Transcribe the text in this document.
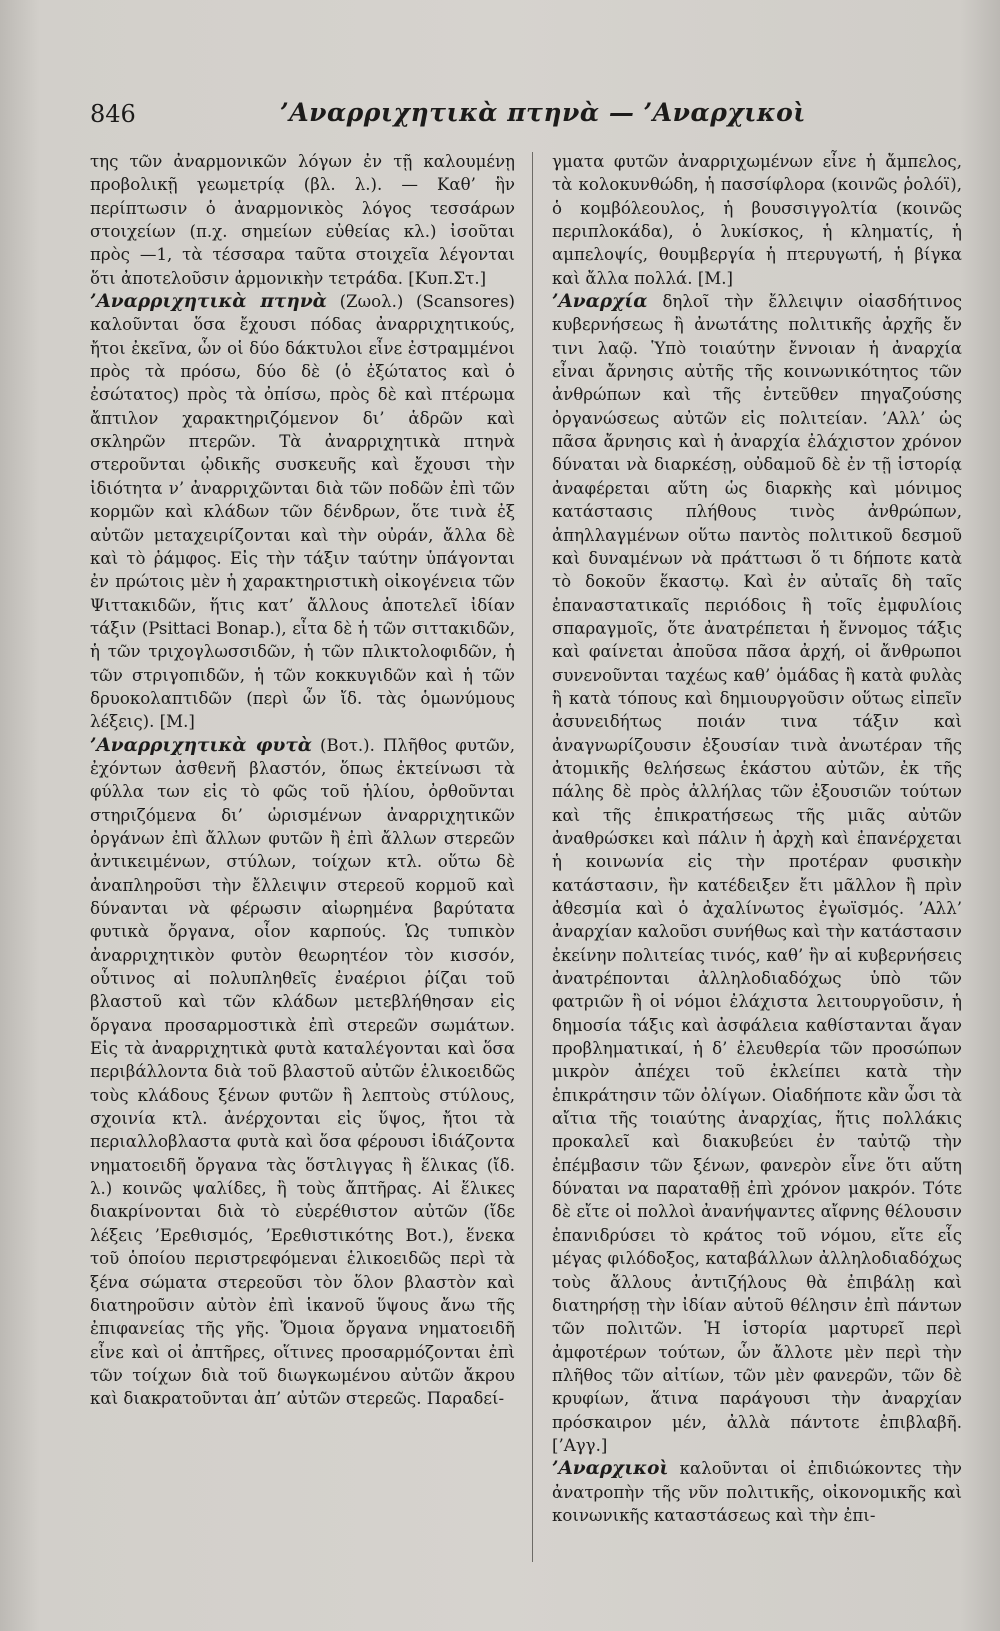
846	’Αναρριχητικὰ πτηνὰ — ’Αναρχικοὶ

της τῶν ἀναρμονικῶν λόγων ἐν τῇ καλουμένῃ προβολικῇ γεωμετρίᾳ (βλ. λ.). — Καθ’ ἣν περίπτωσιν ὁ ἀναρμονικὸς λόγος τεσσάρων στοιχείων (π.χ. σημείων εὐθείας κλ.) ἰσοῦται πρὸς —1, τὰ τέσσαρα ταῦτα στοιχεῖα λέγονται ὅτι ἀποτελοῦσιν ἁρμονικὴν τετράδα. [Κυπ.Στ.]

’Αναρριχητικὰ πτηνὰ (Ζωολ.) (Scansores) καλοῦνται ὅσα ἔχουσι πόδας ἀναρριχητικούς, ἤτοι ἐκεῖνα, ὧν οἱ δύο δάκτυλοι εἶνε ἐστραμμένοι πρὸς τὰ πρόσω, δύο δὲ (ὁ ἐξώτατος καὶ ὁ ἐσώτατος) πρὸς τὰ ὀπίσω, πρὸς δὲ καὶ πτέρωμα ἄπτιλον χαρακτηριζόμενον δι’ ἁδρῶν καὶ σκληρῶν πτερῶν. Τὰ ἀναρριχητικὰ πτηνὰ στεροῦνται ᾠδικῆς συσκευῆς καὶ ἔχουσι τὴν ἰδιότητα ν’ ἀναρριχῶνται διὰ τῶν ποδῶν ἐπὶ τῶν κορμῶν καὶ κλάδων τῶν δένδρων, ὅτε τινὰ ἐξ αὐτῶν μεταχειρίζονται καὶ τὴν οὐράν, ἄλλα δὲ καὶ τὸ ῥάμφος. Εἰς τὴν τάξιν ταύτην ὑπάγονται ἐν πρώτοις μὲν ἡ χαρακτηριστικὴ οἰκογένεια τῶν Ψιττακιδῶν, ἥτις κατ’ ἄλλους ἀποτελεῖ ἰδίαν τάξιν (Psittaci Bonap.), εἶτα δὲ ἡ τῶν σιττακιδῶν, ἡ τῶν τριχογλωσσιδῶν, ἡ τῶν πλικτολοφιδῶν, ἡ τῶν στριγοπιδῶν, ἡ τῶν κοκκυγιδῶν καὶ ἡ τῶν δρυοκολαπτιδῶν (περὶ ὧν ἴδ. τὰς ὁμωνύμους λέξεις). [Μ.]

’Αναρριχητικὰ φυτὰ (Βοτ.). Πλῆθος φυτῶν, ἐχόντων ἀσθενῆ βλαστόν, ὅπως ἐκτείνωσι τὰ φύλλα των εἰς τὸ φῶς τοῦ ἡλίου, ὀρθοῦνται στηριζόμενα δι’ ὡρισμένων ἀναρριχητικῶν ὀργάνων ἐπὶ ἄλλων φυτῶν ἢ ἐπὶ ἄλλων στερεῶν ἀντικειμένων, στύλων, τοίχων κτλ. οὕτω δὲ ἀναπληροῦσι τὴν ἔλλειψιν στερεοῦ κορμοῦ καὶ δύνανται νὰ φέρωσιν αἰωρημένα βαρύτατα φυτικὰ ὄργανα, οἷον καρπούς. Ὡς τυπικὸν ἀναρριχητικὸν φυτὸν θεωρητέον τὸν κισσόν, οὗτινος αἱ πολυπληθεῖς ἐναέριοι ῥίζαι τοῦ βλαστοῦ καὶ τῶν κλάδων μετεβλήθησαν εἰς ὄργανα προσαρμοστικὰ ἐπὶ στερεῶν σωμάτων. Εἰς τὰ ἀναρριχητικὰ φυτὰ καταλέγονται καὶ ὅσα περιβάλλοντα διὰ τοῦ βλαστοῦ αὐτῶν ἑλικοειδῶς τοὺς κλάδους ξένων φυτῶν ἢ λεπτοὺς στύλους, σχοινία κτλ. ἀνέρχονται εἰς ὕψος, ἤτοι τὰ περιαλλοβλαστα φυτὰ καὶ ὅσα φέρουσι ἰδιάζοντα νηματοειδῆ ὄργανα τὰς ὅστλιγγας ἢ ἕλικας (ἴδ. λ.) κοινῶς ψαλίδες, ἢ τοὺς ἄπτῆρας. Αἱ ἕλικες διακρίνονται διὰ τὸ εὐερέθιστον αὐτῶν (ἴδε λέξεις ’Ερεθισμός, ’Ερεθιστικότης Βοτ.), ἕνεκα τοῦ ὁποίου περιστρεφόμεναι ἑλικοειδῶς περὶ τὰ ξένα σώματα στερεοῦσι τὸν ὅλον βλαστὸν καὶ διατηροῦσιν αὐτὸν ἐπὶ ἱκανοῦ ὕψους ἄνω τῆς ἐπιφανείας τῆς γῆς. Ὅμοια ὄργανα νηματοειδῆ εἶνε καὶ οἱ ἀπτῆρες, οἵτινες προσαρμόζονται ἐπὶ τῶν τοίχων διὰ τοῦ διωγκωμένου αὐτῶν ἄκρου καὶ διακρατοῦνται ἀπ’ αὐτῶν στερεῶς. Παραδεί-

γματα φυτῶν ἀναρριχωμένων εἶνε ἡ ἄμπελος, τὰ κολοκυνθώδη, ἡ πασσίφλορα (κοινῶς ῥολόϊ), ὁ κομβόλεουλος, ἡ βουσσιγγολτία (κοινῶς περιπλοκάδα), ὁ λυκίσκος, ἡ κληματίς, ἡ αμπελοψίς, θουμβεργία ἡ πτερυγωτή, ἡ βίγκα καὶ ἄλλα πολλά. [Μ.]

’Αναρχία δηλοῖ τὴν ἔλλειψιν οἱασδήτινος κυβερνήσεως ἢ ἀνωτάτης πολιτικῆς ἀρχῆς ἔν τινι λαῷ. Ὑπὸ τοιαύτην ἔννοιαν ἡ ἀναρχία εἶναι ἄρνησις αὐτῆς τῆς κοινωνικότητος τῶν ἀνθρώπων καὶ τῆς ἐντεῦθεν πηγαζούσης ὀργανώσεως αὐτῶν εἰς πολιτείαν. ’Αλλ’ ὡς πᾶσα ἄρνησις καὶ ἡ ἀναρχία ἐλάχιστον χρόνον δύναται νὰ διαρκέσῃ, οὐδαμοῦ δὲ ἐν τῇ ἱστορίᾳ ἀναφέρεται αὕτη ὡς διαρκὴς καὶ μόνιμος κατάστασις πλήθους τινὸς ἀνθρώπων, ἀπηλλαγμένων οὕτω παντὸς πολιτικοῦ δεσμοῦ καὶ δυναμένων νὰ πράττωσι ὅ τι δήποτε κατὰ τὸ δοκοῦν ἕκαστῳ. Καὶ ἐν αὐταῖς δὴ ταῖς ἐπαναστατικαῖς περιόδοις ἢ τοῖς ἐμφυλίοις σπαραγμοῖς, ὅτε ἀνατρέπεται ἡ ἔννομος τάξις καὶ φαίνεται ἀποῦσα πᾶσα ἀρχή, οἱ ἄνθρωποι συνενοῦνται ταχέως καθ’ ὁμάδας ἢ κατὰ φυλὰς ἢ κατὰ τόπους καὶ δημιουργοῦσιν οὕτως εἰπεῖν ἀσυνειδήτως ποιάν τινα τάξιν καὶ ἀναγνωρίζουσιν ἐξουσίαν τινὰ ἀνωτέραν τῆς ἀτομικῆς θελήσεως ἑκάστου αὐτῶν, ἐκ τῆς πάλης δὲ πρὸς ἀλλήλας τῶν ἐξουσιῶν τούτων καὶ τῆς ἐπικρατήσεως τῆς μιᾶς αὐτῶν ἀναθρώσκει καὶ πάλιν ἡ ἀρχὴ καὶ ἐπανέρχεται ἡ κοινωνία εἰς τὴν προτέραν φυσικὴν κατάστασιν, ἣν κατέδειξεν ἔτι μᾶλλον ἢ πρὶν ἀθεσμία καὶ ὁ ἀχαλίνωτος ἐγωϊσμός. ’Αλλ’ ἀναρχίαν καλοῦσι συνήθως καὶ τὴν κατάστασιν ἐκείνην πολιτείας τινός, καθ’ ἣν αἱ κυβερνήσεις ἀνατρέπονται ἀλληλοδιαδόχως ὑπὸ τῶν φατριῶν ἢ οἱ νόμοι ἐλάχιστα λειτουργοῦσιν, ἡ δημοσία τάξις καὶ ἀσφάλεια καθίστανται ἄγαν προβληματικαί, ἡ δ’ ἐλευθερία τῶν προσώπων μικρὸν ἀπέχει τοῦ ἐκλείπει κατὰ τὴν ἐπικράτησιν τῶν ὀλίγων. Οἱαδήποτε κἂν ὦσι τὰ αἴτια τῆς τοιαύτης ἀναρχίας, ἥτις πολλάκις προκαλεῖ καὶ διακυβεύει ἐν ταὐτῷ τὴν ἐπέμβασιν τῶν ξένων, φανερὸν εἶνε ὅτι αὕτη δύναται να παραταθῇ ἐπὶ χρόνον μακρόν. Τότε δὲ εἴτε οἱ πολλοὶ ἀνανήψαντες αἴφνης θέλουσιν ἐπανιδρύσει τὸ κράτος τοῦ νόμου, εἴτε εἷς μέγας φιλόδοξος, καταβάλλων ἀλληλοδιαδόχως τοὺς ἄλλους ἀντιζήλους θὰ ἐπιβάλῃ καὶ διατηρήσῃ τὴν ἰδίαν αὑτοῦ θέλησιν ἐπὶ πάντων τῶν πολιτῶν. Ἡ ἱστορία μαρτυρεῖ περὶ ἀμφοτέρων τούτων, ὧν ἄλλοτε μὲν περὶ τὴν πλῆθος τῶν αἰτίων, τῶν μὲν φανερῶν, τῶν δὲ κρυφίων, ἅτινα παράγουσι τὴν ἀναρχίαν πρόσκαιρον μέν, ἀλλὰ πάντοτε ἐπιβλαβῆ. [’Αγγ.]

’Αναρχικοὶ καλοῦνται οἱ ἐπιδιώκοντες τὴν ἀνατροπὴν τῆς νῦν πολιτικῆς, οἰκονομικῆς καὶ κοινωνικῆς καταστάσεως καὶ τὴν ἐπι-
